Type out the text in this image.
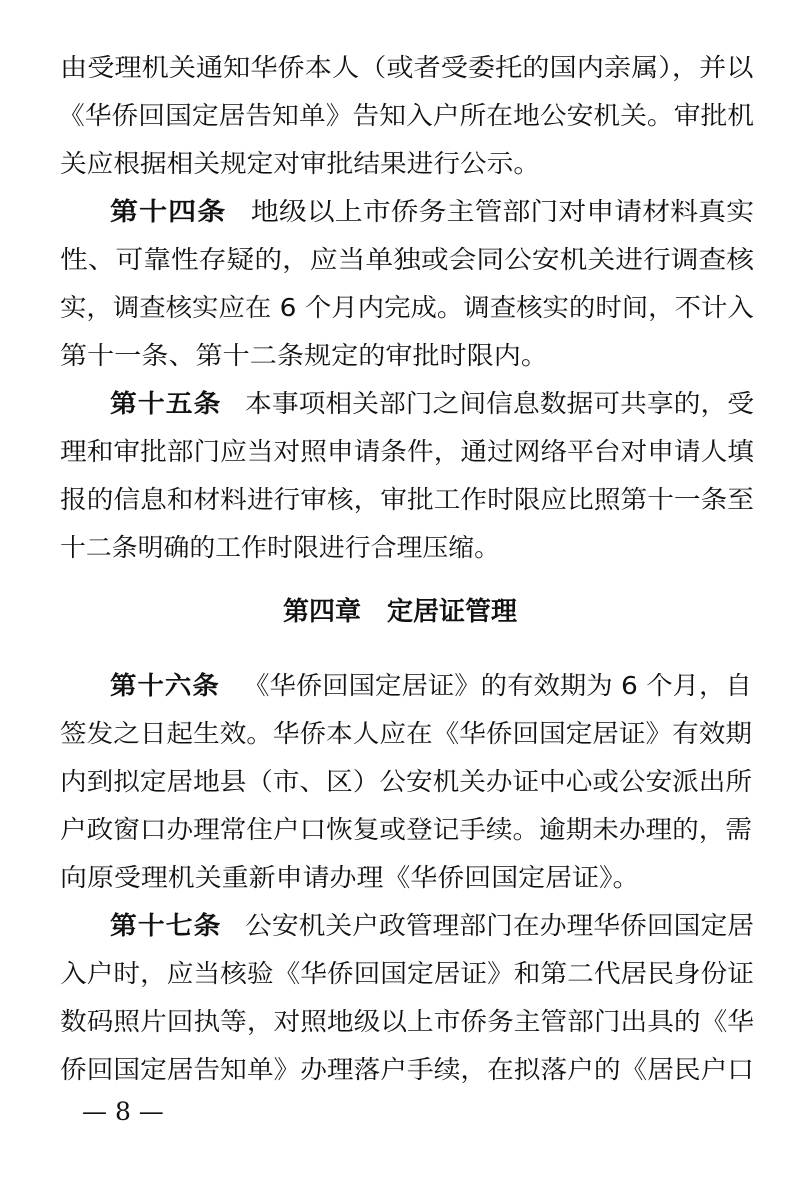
由受理机关通知华侨本人（或者受委托的国内亲属），并以
《华侨回国定居告知单》告知入户所在地公安机关。审批机
关应根据相关规定对审批结果进行公示。
第十四条 地级以上市侨务主管部门对申请材料真实
性、可靠性存疑的，应当单独或会同公安机关进行调查核
实，调查核实应在 6 个月内完成。调查核实的时间，不计入
第十一条、第十二条规定的审批时限内。
第十五条 本事项相关部门之间信息数据可共享的，受
理和审批部门应当对照申请条件，通过网络平台对申请人填
报的信息和材料进行审核，审批工作时限应比照第十一条至
十二条明确的工作时限进行合理压缩。
第四章　定居证管理
第十六条 《华侨回国定居证》的有效期为 6 个月，自
签发之日起生效。华侨本人应在《华侨回国定居证》有效期
内到拟定居地县（市、区）公安机关办证中心或公安派出所
户政窗口办理常住户口恢复或登记手续。逾期未办理的，需
向原受理机关重新申请办理《华侨回国定居证》。
第十七条 公安机关户政管理部门在办理华侨回国定居
入户时，应当核验《华侨回国定居证》和第二代居民身份证
数码照片回执等，对照地级以上市侨务主管部门出具的《华
侨回国定居告知单》办理落户手续，在拟落户的《居民户口
— 8 —
